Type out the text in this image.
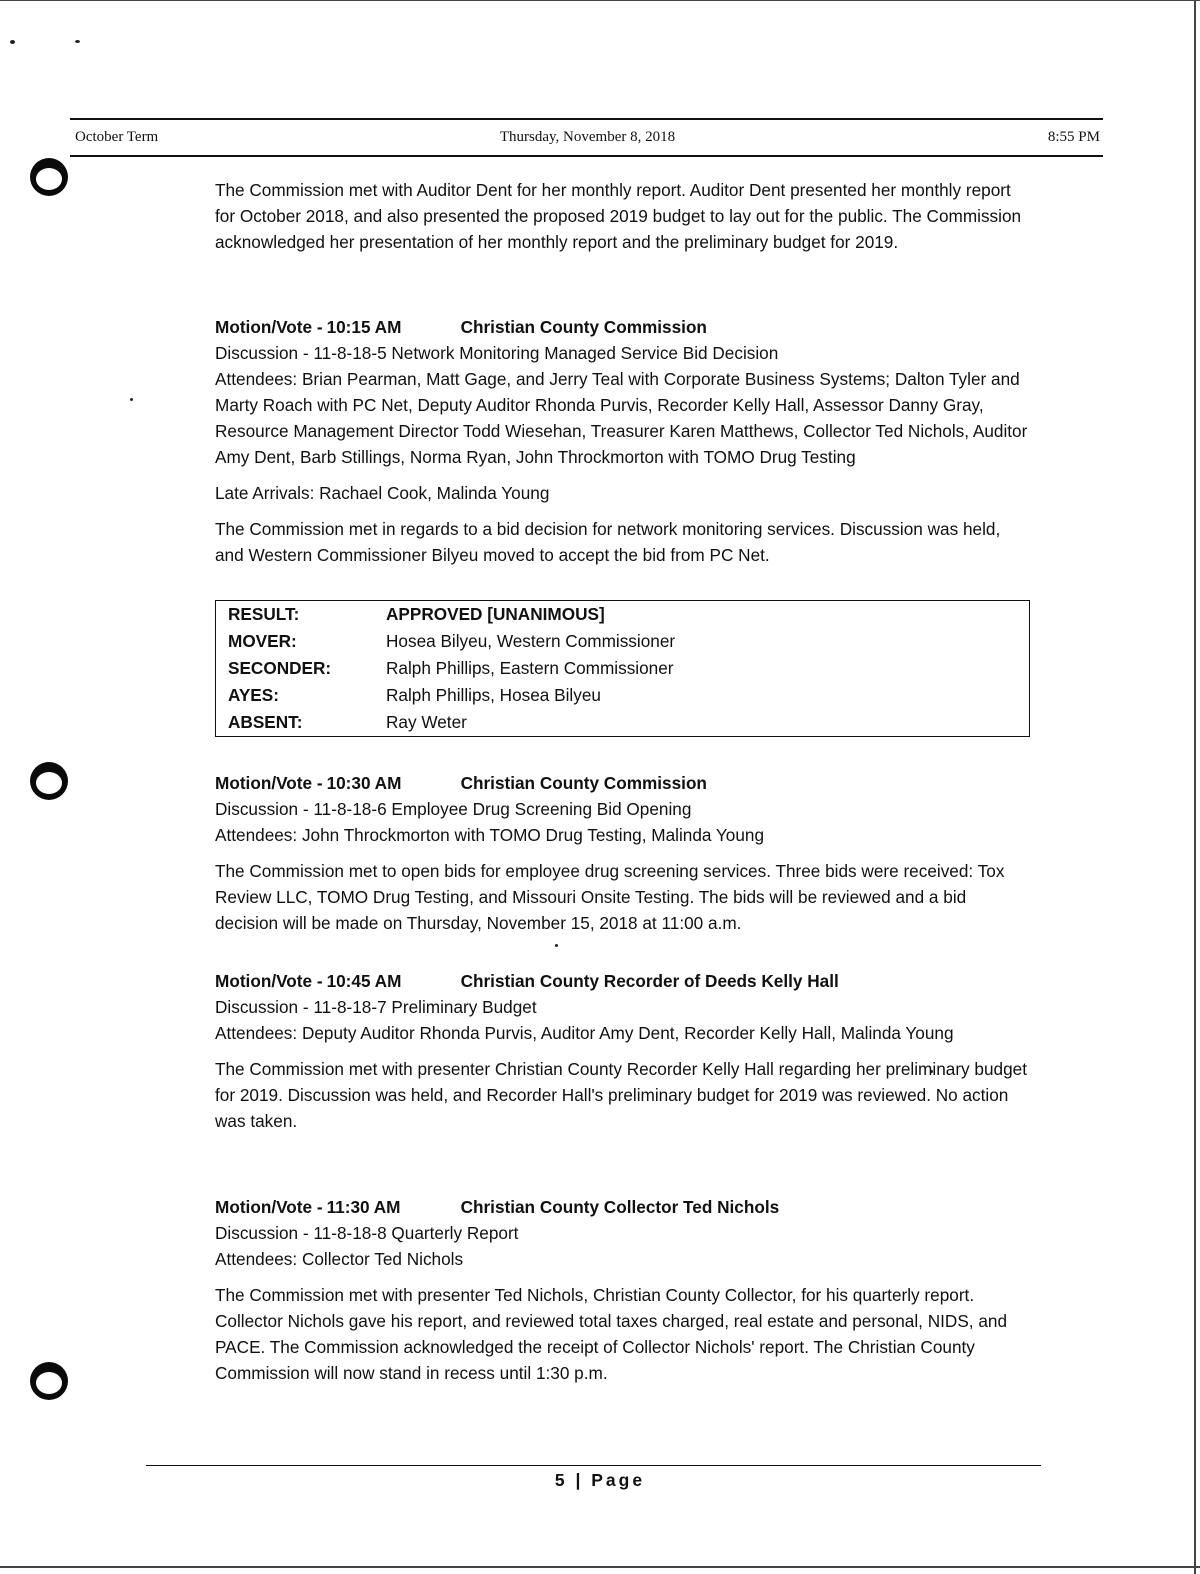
October Term	Thursday, November 8, 2018	8:55 PM

The Commission met with Auditor Dent for her monthly report. Auditor Dent presented her monthly report for October 2018, and also presented the proposed 2019 budget to lay out for the public. The Commission acknowledged her presentation of her monthly report and the preliminary budget for 2019.

Motion/Vote - 10:15 AM	Christian County Commission
Discussion - 11-8-18-5 Network Monitoring Managed Service Bid Decision
Attendees: Brian Pearman, Matt Gage, and Jerry Teal with Corporate Business Systems; Dalton Tyler and Marty Roach with PC Net, Deputy Auditor Rhonda Purvis, Recorder Kelly Hall, Assessor Danny Gray, Resource Management Director Todd Wiesehan, Treasurer Karen Matthews, Collector Ted Nichols, Auditor Amy Dent, Barb Stillings, Norma Ryan, John Throckmorton with TOMO Drug Testing
Late Arrivals: Rachael Cook, Malinda Young
The Commission met in regards to a bid decision for network monitoring services. Discussion was held, and Western Commissioner Bilyeu moved to accept the bid from PC Net.
RESULT:	APPROVED [UNANIMOUS]
MOVER:	Hosea Bilyeu, Western Commissioner
SECONDER:	Ralph Phillips, Eastern Commissioner
AYES:	Ralph Phillips, Hosea Bilyeu
ABSENT:	Ray Weter
Motion/Vote - 10:30 AM	Christian County Commission
Discussion - 11-8-18-6 Employee Drug Screening Bid Opening
Attendees: John Throckmorton with TOMO Drug Testing, Malinda Young
The Commission met to open bids for employee drug screening services. Three bids were received: Tox Review LLC, TOMO Drug Testing, and Missouri Onsite Testing. The bids will be reviewed and a bid decision will be made on Thursday, November 15, 2018 at 11:00 a.m.
Motion/Vote - 10:45 AM	Christian County Recorder of Deeds Kelly Hall
Discussion - 11-8-18-7 Preliminary Budget
Attendees: Deputy Auditor Rhonda Purvis, Auditor Amy Dent, Recorder Kelly Hall, Malinda Young
The Commission met with presenter Christian County Recorder Kelly Hall regarding her preliminary budget for 2019. Discussion was held, and Recorder Hall's preliminary budget for 2019 was reviewed. No action was taken.
Motion/Vote - 11:30 AM	Christian County Collector Ted Nichols
Discussion - 11-8-18-8 Quarterly Report
Attendees: Collector Ted Nichols
The Commission met with presenter Ted Nichols, Christian County Collector, for his quarterly report. Collector Nichols gave his report, and reviewed total taxes charged, real estate and personal, NIDS, and PACE. The Commission acknowledged the receipt of Collector Nichols' report. The Christian County Commission will now stand in recess until 1:30 p.m.
5 | Page
